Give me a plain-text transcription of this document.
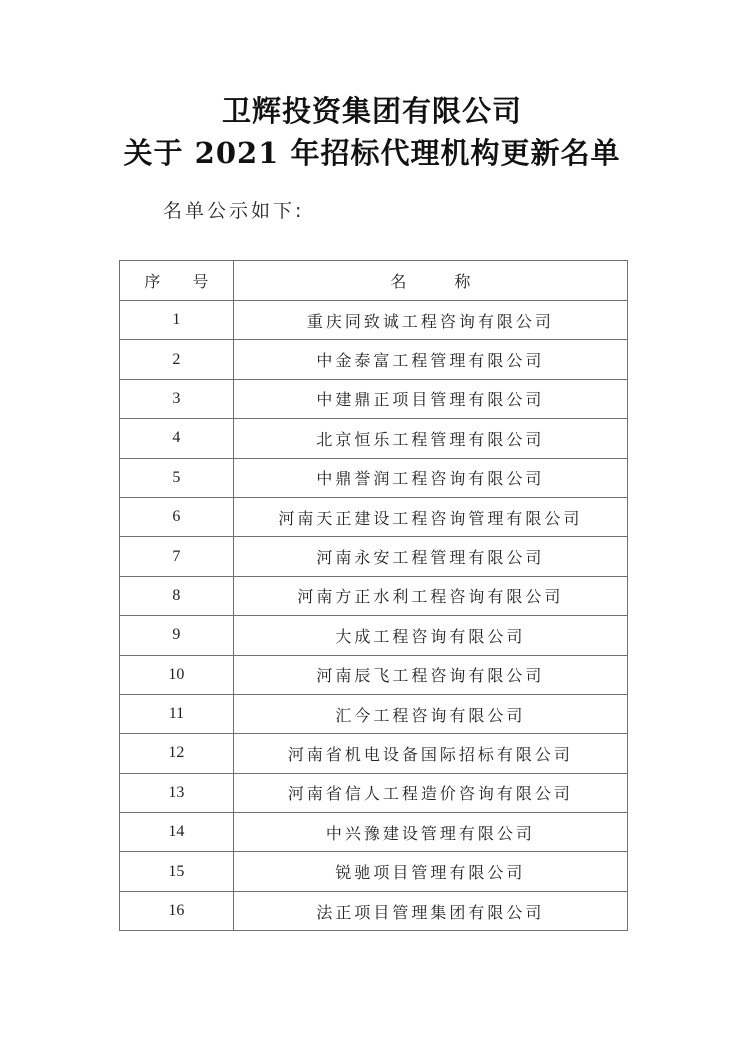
卫辉投资集团有限公司
关于 2021 年招标代理机构更新名单
名单公示如下:
序　　号	名　　　称
1	重庆同致诚工程咨询有限公司
2	中金泰富工程管理有限公司
3	中建鼎正项目管理有限公司
4	北京恒乐工程管理有限公司
5	中鼎誉润工程咨询有限公司
6	河南天正建设工程咨询管理有限公司
7	河南永安工程管理有限公司
8	河南方正水利工程咨询有限公司
9	大成工程咨询有限公司
10	河南辰飞工程咨询有限公司
11	汇今工程咨询有限公司
12	河南省机电设备国际招标有限公司
13	河南省信人工程造价咨询有限公司
14	中兴豫建设管理有限公司
15	锐驰项目管理有限公司
16	法正项目管理集团有限公司
